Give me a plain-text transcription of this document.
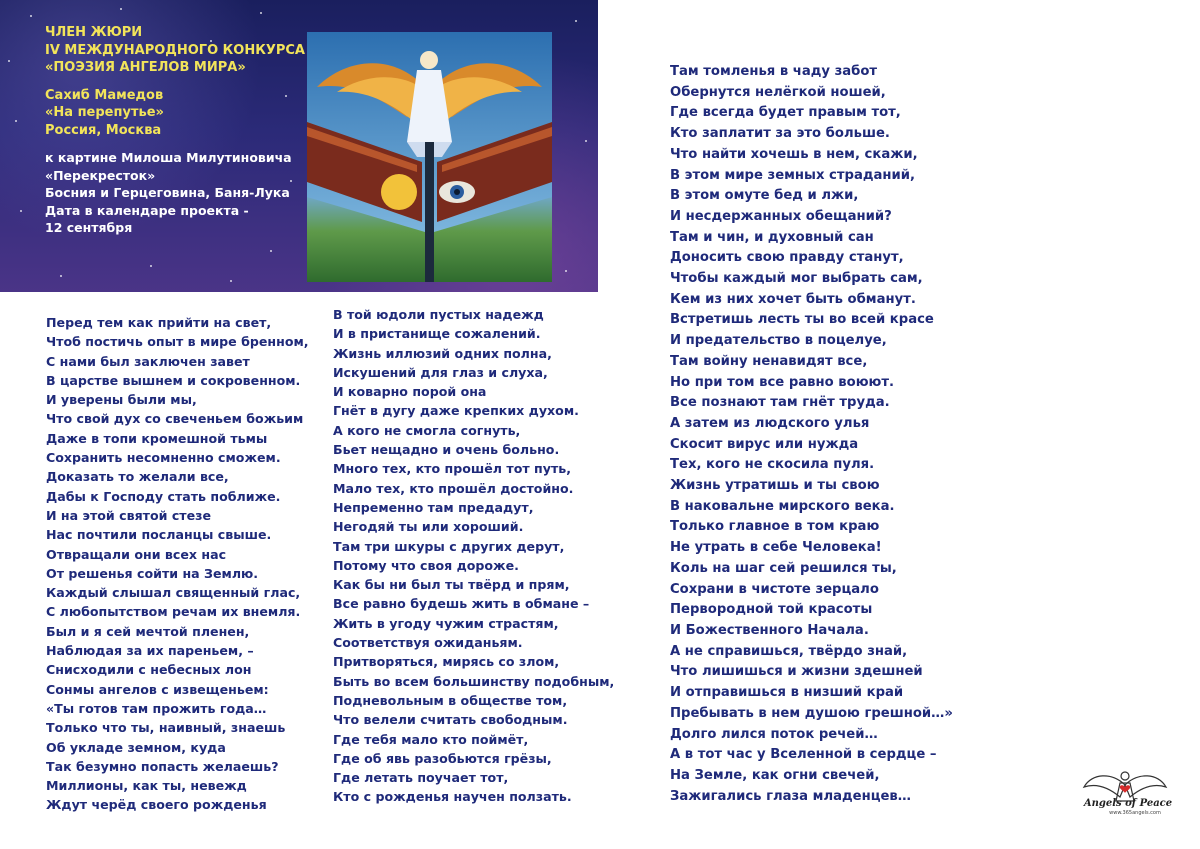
ЧЛЕН ЖЮРИ
IV МЕЖДУНАРОДНОГО КОНКУРСА
«ПОЭЗИЯ АНГЕЛОВ МИРА»
Сахиб Мамедов
«На перепутье»
Россия, Москва
к картине Милоша Милутиновича
«Перекресток»
Босния и Герцеговина, Баня-Лука
Дата в календаре проекта -
12 сентября
Перед тем как прийти на свет,
Чтоб постичь опыт в мире бренном,
С нами был заключен завет
В царстве вышнем и сокровенном.
И уверены были мы,
Что свой дух со свеченьем божьим
Даже в топи кромешной тьмы
Сохранить несомненно сможем.
Доказать то желали все,
Дабы к Господу стать поближе.
И на этой святой стезе
Нас почтили посланцы свыше.
Отвращали они всех нас
От решенья сойти на Землю.
Каждый слышал священный глас,
С любопытством речам их внемля.
Был и я сей мечтой пленен,
Наблюдая за их пареньем, –
Снисходили с небесных лон
Сонмы ангелов с извещеньем:
«Ты готов там прожить года…
Только что ты, наивный, знаешь
Об укладе земном, куда
Так безумно попасть желаешь?
Миллионы, как ты, невежд
Ждут черёд своего рожденья
В той юдоли пустых надежд
И в пристанище сожалений.
Жизнь иллюзий одних полна,
Искушений для глаз и слуха,
И коварно порой она
Гнёт в дугу даже крепких духом.
А кого не смогла согнуть,
Бьет нещадно и очень больно.
Много тех, кто прошёл тот путь,
Мало тех, кто прошёл достойно.
Непременно там предадут,
Негодяй ты или хороший.
Там три шкуры с других дерут,
Потому что своя дороже.
Как бы ни был ты твёрд и прям,
Все равно будешь жить в обмане –
Жить в угоду чужим страстям,
Соответствуя ожиданьям.
Притворяться, мирясь со злом,
Быть во всем большинству подобным,
Подневольным в обществе том,
Что велели считать свободным.
Где тебя мало кто поймёт,
Где об явь разобьются грёзы,
Где летать поучает тот,
Кто с рожденья научен ползать.
Там томленья в чаду забот
Обернутся нелёгкой ношей,
Где всегда будет правым тот,
Кто заплатит за это больше.
Что найти хочешь в нем, скажи,
В этом мире земных страданий,
В этом омуте бед и лжи,
И несдержанных обещаний?
Там и чин, и духовный сан
Доносить свою правду станут,
Чтобы каждый мог выбрать сам,
Кем из них хочет быть обманут.
Встретишь лесть ты во всей красе
И предательство в поцелуе,
Там войну ненавидят все,
Но при том все равно воюют.
Все познают там гнёт труда.
А затем из людского улья
Скосит вирус или нужда
Тех, кого не скосила пуля.
Жизнь утратишь и ты свою
В наковальне мирского века.
Только главное в том краю
Не утрать в себе Человека!
Коль на шаг сей решился ты,
Сохрани в чистоте зерцало
Первородной той красоты
И Божественного Начала.
А не справишься, твёрдо знай,
Что лишишься и жизни здешней
И отправишься в низший край
Пребывать в нем душою грешной…»
Долго лился поток речей…
А в тот час у Вселенной в сердце –
На Земле, как огни свечей,
Зажигались глаза младенцев…	Angels of Peace
www.365angels.com
